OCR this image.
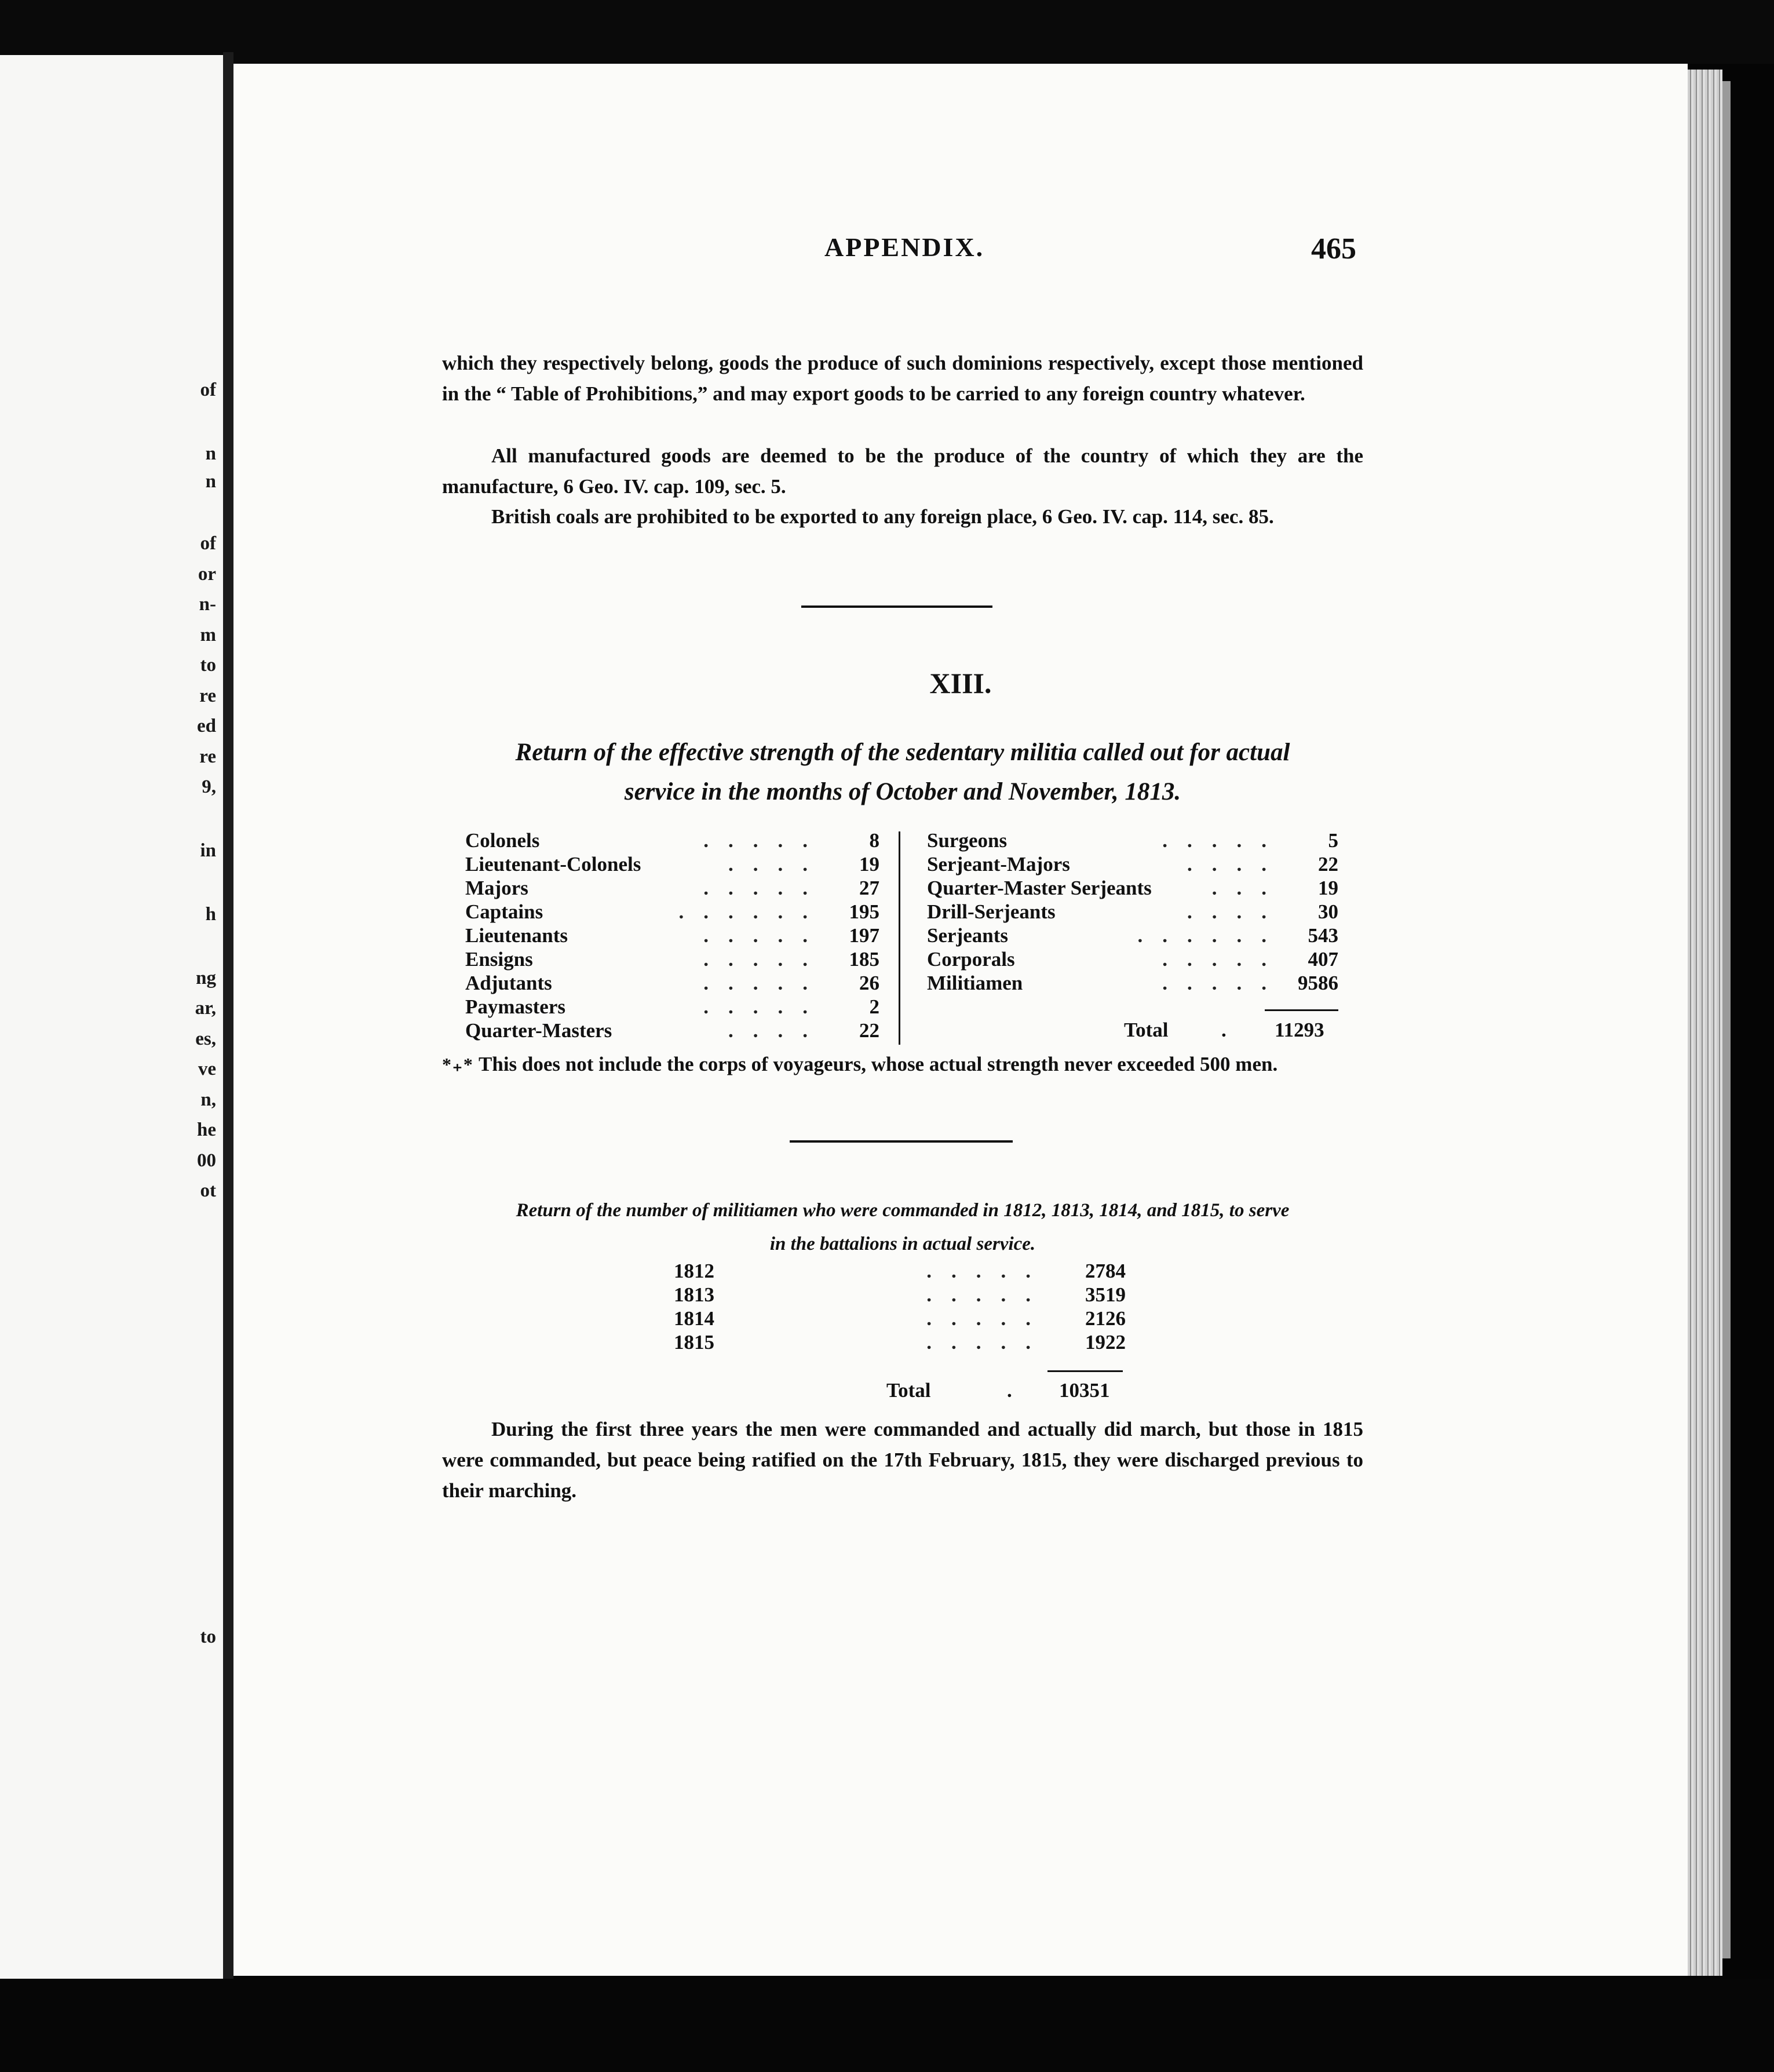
of
n
n
of
or
n-
m
to
re
ed
re
9,
in
h
ng
ar,
es,
ve
n,
he
00
ot
to
APPENDIX.	465

which they respectively belong, goods the produce of such dominions respectively, except those mentioned in the “ Table of Prohibitions,” and may export goods to be carried to any foreign country whatever.

All manufactured goods are deemed to be the produce of the country of which they are the manufacture, 6 Geo. IV. cap. 109, sec. 5.

British coals are prohibited to be exported to any foreign place, 6 Geo. IV. cap. 114, sec. 85.

XIII.
Return of the effective strength of the sedentary militia called out for actual
service in the months of October and November, 1813.
Colonels	.....	8
Lieutenant-Colonels	....	19
Majors	.....	27
Captains	......	195
Lieutenants	.....	197
Ensigns	.....	185
Adjutants	.....	26
Paymasters	.....	2
Quarter-Masters	....	22
Surgeons	.....	5
Serjeant-Majors	....	22
Quarter-Master Serjeants	...	19
Drill-Serjeants	....	30
Serjeants	......	543
Corporals	.....	407
Militiamen	..... 9586
Total	. 11293
*₊* This does not include the corps of voyageurs, whose actual strength never exceeded 500 men.
Return of the number of militiamen who were commanded in 1812, 1813, 1814, and 1815, to serve
in the battalions in actual service.
1812	.....	2784
1813	.....	3519
1814	.....	2126
1815	.....	1922
Total	. 10351

During the first three years the men were commanded and actually did march, but those in 1815 were commanded, but peace being ratified on the 17th February, 1815, they were discharged previous to their marching.
